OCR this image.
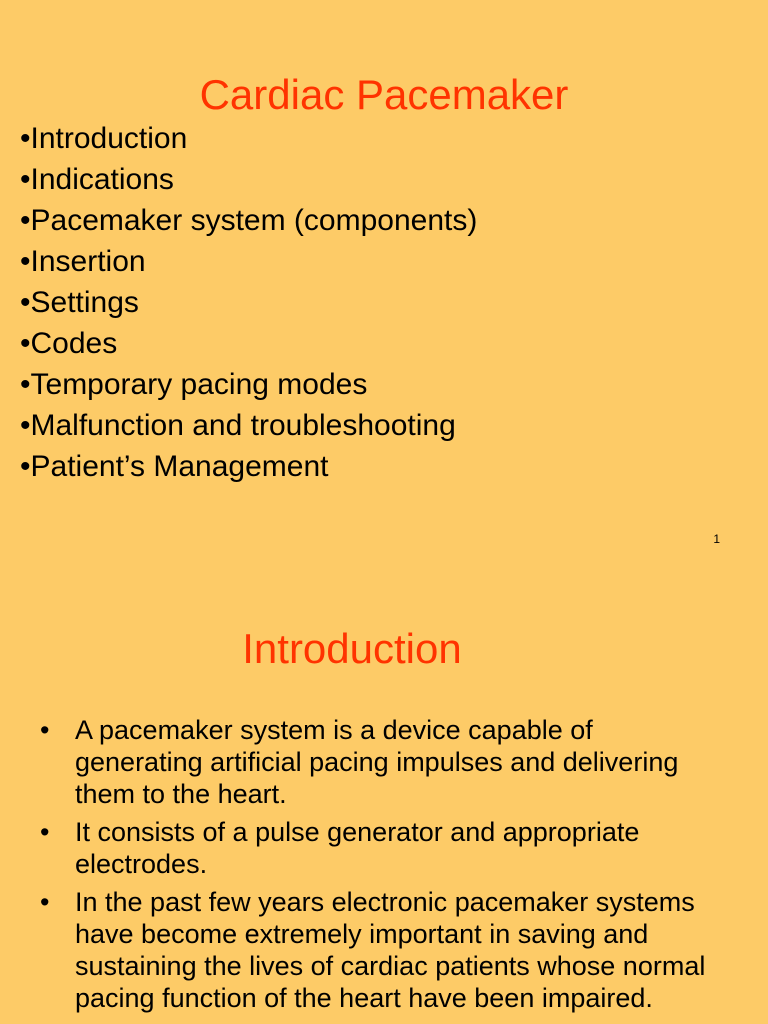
Cardiac Pacemaker
•Introduction
•Indications
•Pacemaker system (components)
•Insertion
•Settings
•Codes
•Temporary pacing modes
•Malfunction and troubleshooting
•Patient’s Management
1
Introduction
• A pacemaker system is a device capable of generating artificial pacing impulses and delivering them to the heart.
• It consists of a pulse generator and appropriate electrodes.
• In the past few years electronic pacemaker systems have become extremely important in saving and sustaining the lives of cardiac patients whose normal pacing function of the heart have been impaired.
